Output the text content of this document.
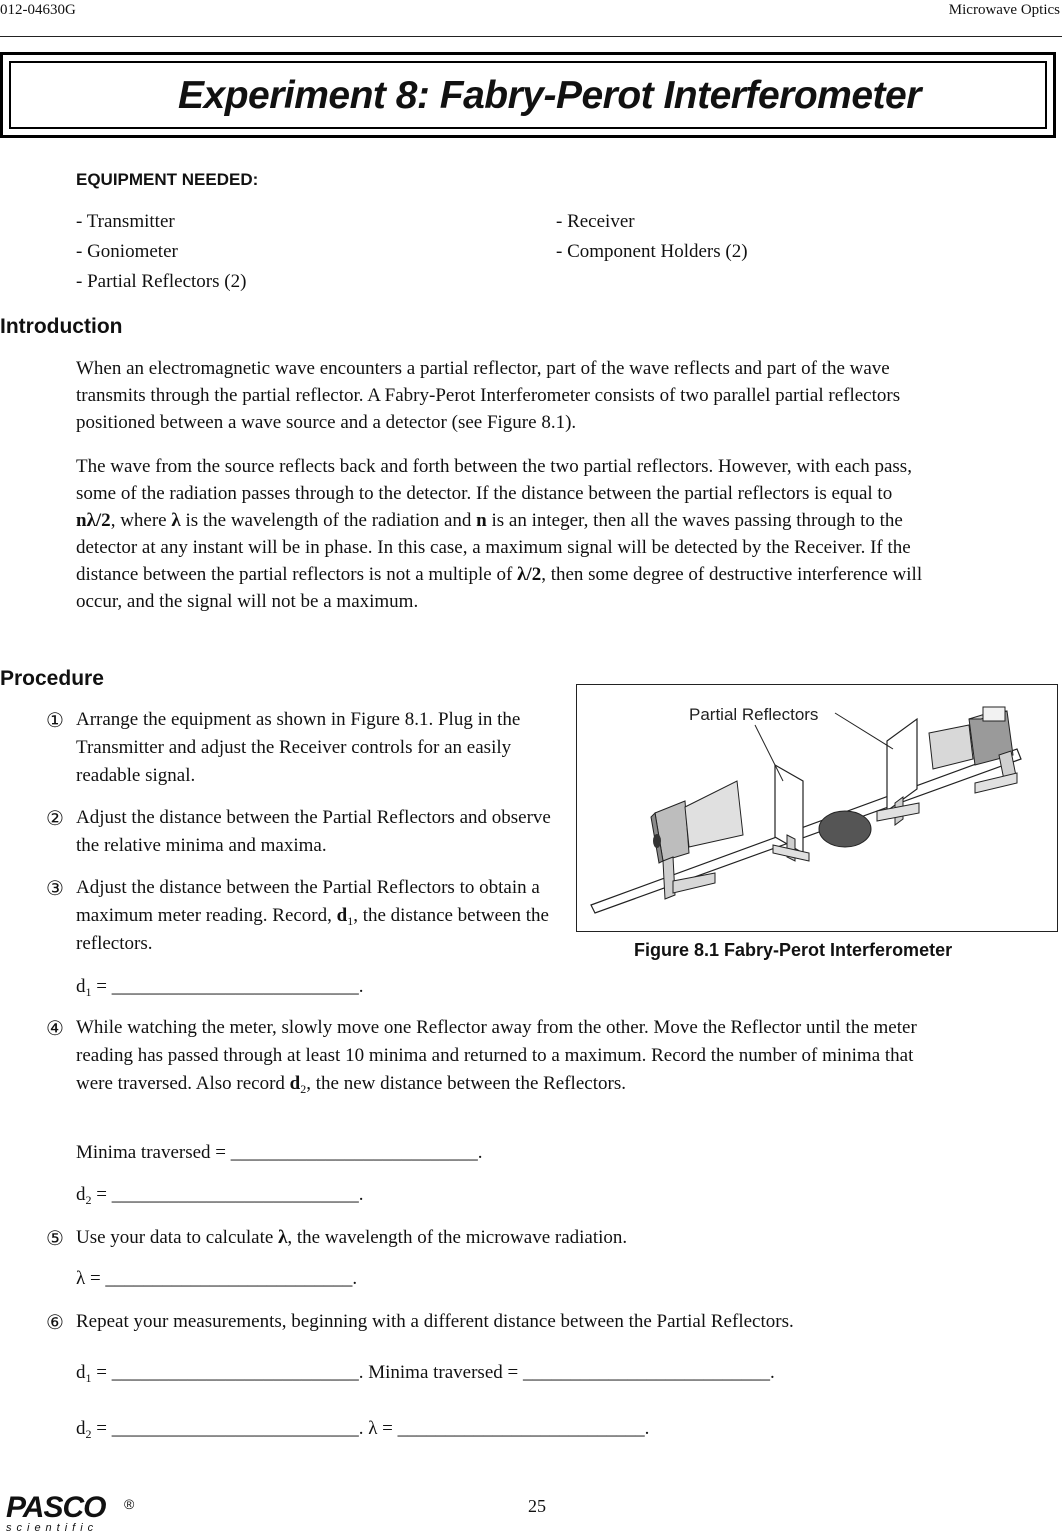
012-04630G	Microwave Optics
Experiment 8: Fabry-Perot Interferometer
EQUIPMENT NEEDED:
- Transmitter
- Goniometer
- Partial Reflectors (2)
- Receiver
- Component Holders (2)
Introduction
When an electromagnetic wave encounters a partial reflector, part of the wave reflects and part of the wave transmits through the partial reflector. A Fabry-Perot Interferometer consists of two parallel partial reflectors positioned between a wave source and a detector (see Figure 8.1).
The wave from the source reflects back and forth between the two partial reflectors. However, with each pass, some of the radiation passes through to the detector. If the distance between the partial reflectors is equal to nλ/2, where λ is the wavelength of the radiation and n is an integer, then all the waves passing through to the detector at any instant will be in phase. In this case, a maximum signal will be detected by the Receiver. If the distance between the partial reflectors is not a multiple of λ/2, then some degree of destructive interference will occur, and the signal will not be a maximum.
Procedure
① Arrange the equipment as shown in Figure 8.1. Plug in the Transmitter and adjust the Receiver controls for an easily readable signal.
② Adjust the distance between the Partial Reflectors and observe the relative minima and maxima.
③ Adjust the distance between the Partial Reflectors to obtain a maximum meter reading. Record, $d_1$, the distance between the reflectors.
$d_1$ = __________________________.
④ While watching the meter, slowly move one Reflector away from the other. Move the Reflector until the meter reading has passed through at least 10 minima and returned to a maximum. Record the number of minima that were traversed. Also record $d_2$, the new distance between the Reflectors.
Minima traversed = __________________________.
$d_2$ = __________________________.
⑤ Use your data to calculate λ, the wavelength of the microwave radiation.
λ = __________________________.
⑥ Repeat your measurements, beginning with a different distance between the Partial Reflectors.
$d_1$ = __________________________. Minima traversed = __________________________.
$d_2$ = __________________________. λ = __________________________.
Partial Reflectors
Figure 8.1 Fabry-Perot Interferometer
25
PASCO
scientific
®
